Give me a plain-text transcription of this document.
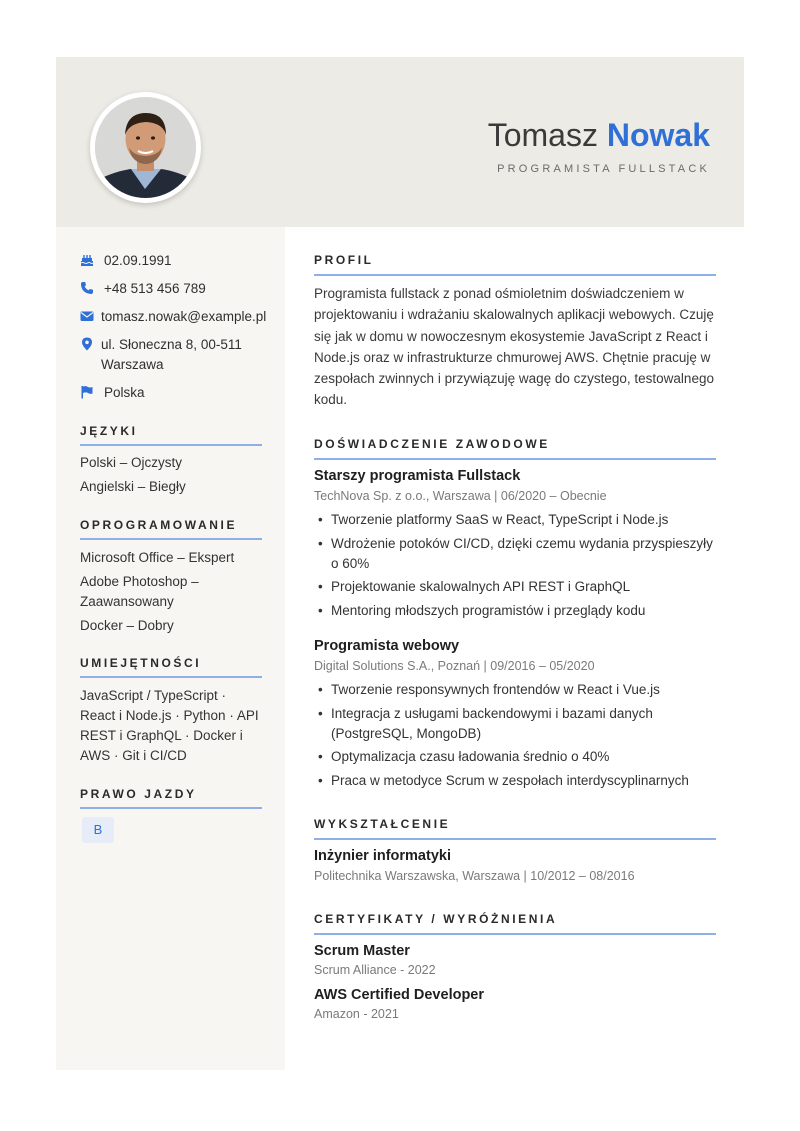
Tomasz Nowak
PROGRAMISTA FULLSTACK
02.09.1991
+48 513 456 789
tomasz.nowak@example.pl
ul. Słoneczna 8, 00-511
Warszawa
Polska
JĘZYKI
Polski – Ojczysty
Angielski – Biegły
OPROGRAMOWANIE
Microsoft Office – Ekspert
Adobe Photoshop –
Zaawansowany
Docker – Dobry
UMIEJĘTNOŚCI
JavaScript / TypeScript ·
React i Node.js · Python · API
REST i GraphQL · Docker i
AWS · Git i CI/CD
PRAWO JAZDY
B
PROFIL
Programista fullstack z ponad ośmioletnim doświadczeniem w projektowaniu i wdrażaniu skalowalnych aplikacji webowych. Czuję się jak w domu w nowoczesnym ekosystemie JavaScript z React i Node.js oraz w infrastrukturze chmurowej AWS. Chętnie pracuję w zespołach zwinnych i przywiązuję wagę do czystego, testowalnego kodu.
DOŚWIADCZENIE ZAWODOWE
Starszy programista Fullstack
TechNova Sp. z o.o., Warszawa | 06/2020 – Obecnie
• Tworzenie platformy SaaS w React, TypeScript i Node.js
• Wdrożenie potoków CI/CD, dzięki czemu wydania przyspieszyły o 60%
• Projektowanie skalowalnych API REST i GraphQL
• Mentoring młodszych programistów i przeglądy kodu
Programista webowy
Digital Solutions S.A., Poznań | 09/2016 – 05/2020
• Tworzenie responsywnych frontendów w React i Vue.js
• Integracja z usługami backendowymi i bazami danych (PostgreSQL, MongoDB)
• Optymalizacja czasu ładowania średnio o 40%
• Praca w metodyce Scrum w zespołach interdyscyplinarnych
WYKSZTAŁCENIE
Inżynier informatyki
Politechnika Warszawska, Warszawa | 10/2012 – 08/2016
CERTYFIKATY / WYRÓŻNIENIA
Scrum Master
Scrum Alliance - 2022
AWS Certified Developer
Amazon - 2021
